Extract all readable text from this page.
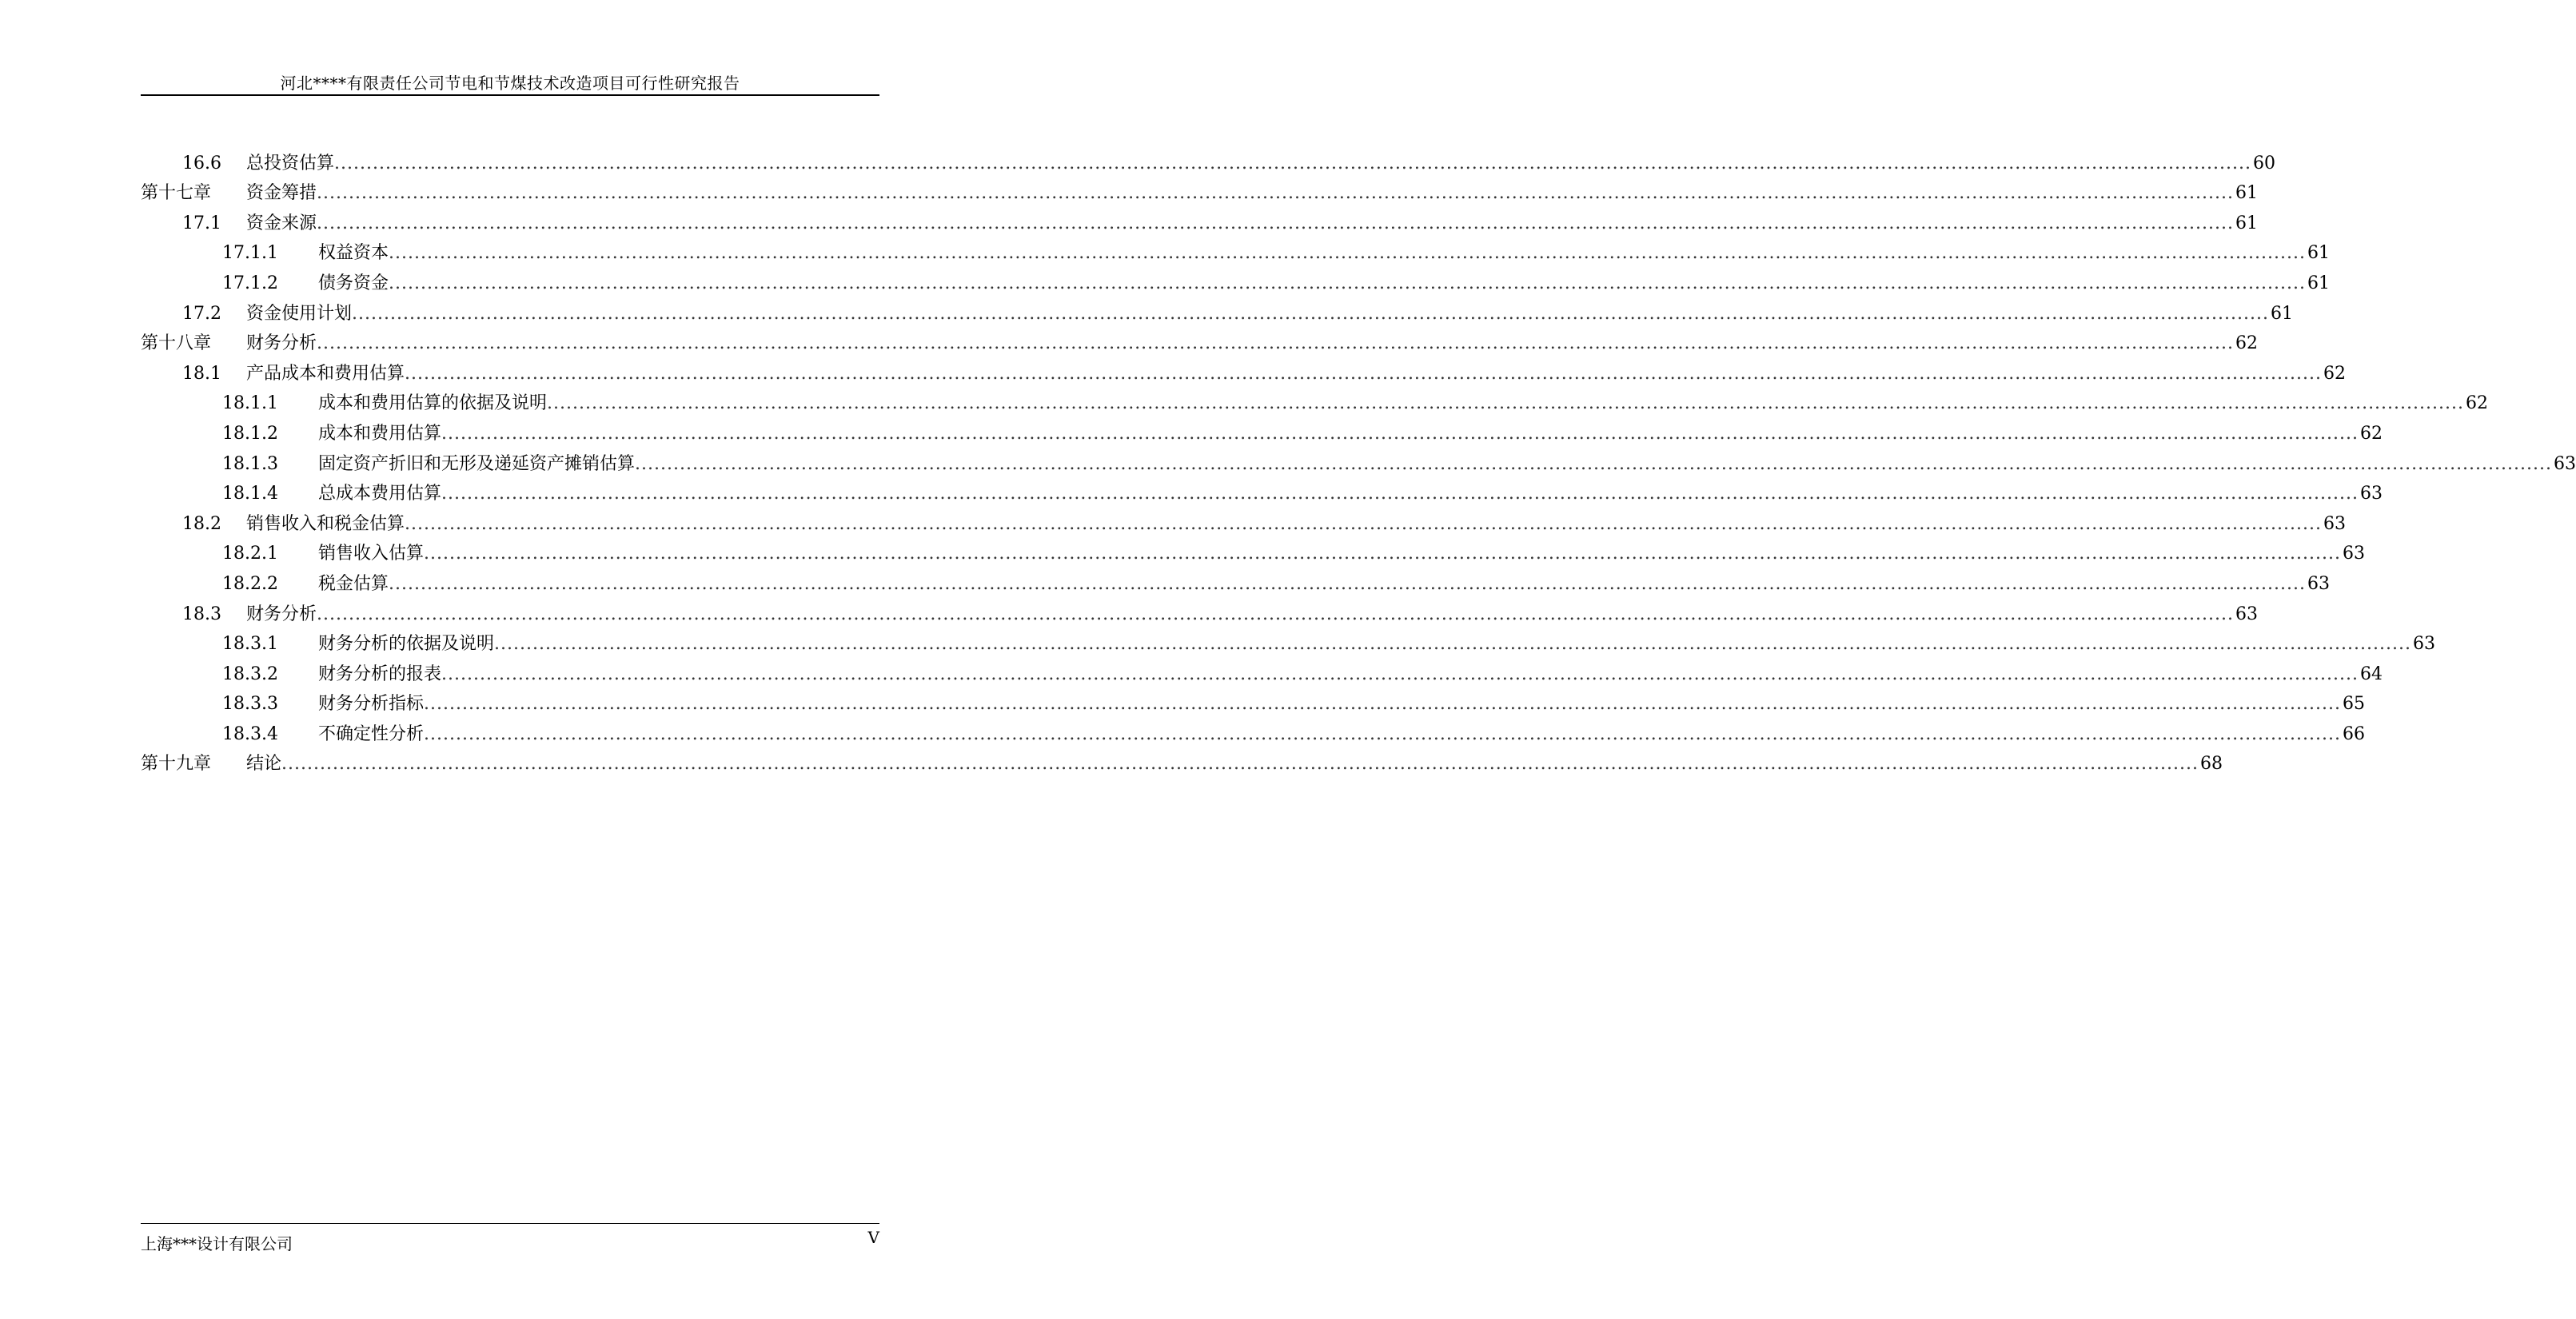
河北****有限责任公司节电和节煤技术改造项目可行性研究报告
16.6 总投资估算 ............................................................................................................................................................................................................................................................................................................ 60
第十七章 资金筹措 ............................................................................................................................................................................................................................................................................................................ 61
17.1 资金来源 ............................................................................................................................................................................................................................................................................................................ 61
17.1.1 权益资本 ............................................................................................................................................................................................................................................................................................................ 61
17.1.2 债务资金 ............................................................................................................................................................................................................................................................................................................ 61
17.2 资金使用计划 ............................................................................................................................................................................................................................................................................................................ 61
第十八章 财务分析 ............................................................................................................................................................................................................................................................................................................ 62
18.1 产品成本和费用估算 ............................................................................................................................................................................................................................................................................................................ 62
18.1.1 成本和费用估算的依据及说明 ............................................................................................................................................................................................................................................................................................................ 62
18.1.2 成本和费用估算 ............................................................................................................................................................................................................................................................................................................ 62
18.1.3 固定资产折旧和无形及递延资产摊销估算 ............................................................................................................................................................................................................................................................................................................ 63
18.1.4 总成本费用估算 ............................................................................................................................................................................................................................................................................................................ 63
18.2 销售收入和税金估算 ............................................................................................................................................................................................................................................................................................................ 63
18.2.1 销售收入估算 ............................................................................................................................................................................................................................................................................................................ 63
18.2.2 税金估算 ............................................................................................................................................................................................................................................................................................................ 63
18.3 财务分析 ............................................................................................................................................................................................................................................................................................................ 63
18.3.1 财务分析的依据及说明 ............................................................................................................................................................................................................................................................................................................ 63
18.3.2 财务分析的报表 ............................................................................................................................................................................................................................................................................................................ 64
18.3.3 财务分析指标 ............................................................................................................................................................................................................................................................................................................ 65
18.3.4 不确定性分析 ............................................................................................................................................................................................................................................................................................................ 66
第十九章 结论 ............................................................................................................................................................................................................................................................................................................ 68
上海***设计有限公司	V
